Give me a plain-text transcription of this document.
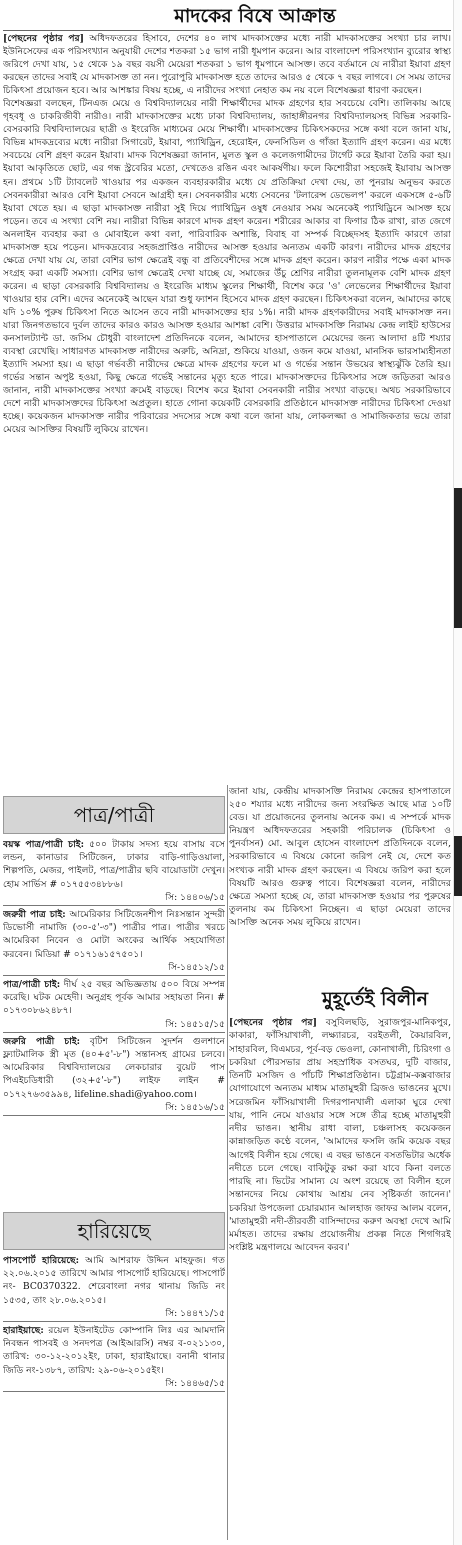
মাদকের বিষে আক্রান্ত

[পেছনের পৃষ্ঠার পর] অধিদফতরের হিসাবে, দেশের ৪০ লাখ মাদকাসক্তের মধ্যে নারী মাদকাসক্তের সংখ্যা চার লাখ। ইউনিসেফের এক পরিসংখ্যান অনুযায়ী দেশের শতকরা ১৫ ভাগ নারী ধূমপান করেন। আর বাংলাদেশ পরিসংখ্যান ব্যুরোর স্বাস্থ্য জরিপে দেখা যায়, ১৫ থেকে ১৯ বছর বয়সী মেয়েরা শতকরা ১ ভাগ ধূমপানে আসক্ত। তবে বর্তমানে যে নারীরা ইয়াবা গ্রহণ করছেন তাদের সবাই যে মাদকাসক্ত তা নন। পুরোপুরি মাদকাসক্ত হতে তাদের আরও ৫ থেকে ৭ বছর লাগবে। সে সময় তাদের চিকিৎসা প্রয়োজন হবে। আর আশঙ্কার বিষয় হচ্ছে, এ নারীদের সংখ্যা নেহাত কম নয় বলে বিশেষজ্ঞরা ধারণা করছেন।

বিশেষজ্ঞরা বলছেন, টিনএজ মেয়ে ও বিশ্ববিদ্যালয়ের নারী শিক্ষার্থীদের মাদক গ্রহণের হার সবচেয়ে বেশি। তালিকায় আছে গৃহবধূ ও চাকরিজীবী নারীও। নারী মাদকাসক্তের মধ্যে ঢাকা বিশ্ববিদ্যালয়, জাহাঙ্গীরনগর বিশ্ববিদ্যালয়সহ বিভিন্ন সরকারি-বেসরকারি বিশ্ববিদ্যালয়ের ছাত্রী ও ইংরেজি মাধ্যমের মেয়ে শিক্ষার্থী। মাদকাসক্তের চিকিৎসকদের সঙ্গে কথা বলে জানা যায়, বিভিন্ন মাদকদ্রব্যের মধ্যে নারীরা সিগারেট, ইয়াবা, প্যাথিড্রিন, হেরোইন, ফেনসিডিল ও গাঁজা ইত্যাদি গ্রহণ করেন। এর মধ্যে সবচেয়ে বেশি গ্রহণ করেন ইয়াবা। মাদক বিশেষজ্ঞরা জানান, মুলত স্কুল ও কলেজগামীদের টার্গেট করে ইয়াবা তৈরি করা হয়। ইয়াবা আকৃতিতে ছোট, এর গন্ধ স্ট্রবেরির মতো, দেখতেও রঙিন এবং আকর্ষণীয়। ফলে কিশোরীরা সহজেই ইয়াবায় আসক্ত হন। প্রথমে ১টি ট্যাবলেট খাওয়ার পর একজন ব্যবহারকারীর মধ্যে যে প্রতিক্রিয়া দেখা দেয়, তা পুনরায় অনুভব করতে সেবনকারীরা আরও বেশি ইয়াবা সেবনে আগ্রহী হন। সেবনকারীর মধ্যে সেবনের 'টলারেন্স ডেভেলপ' করলে একসঙ্গে ৫-৬টি ইয়াবা খেতে হয়। এ ছাড়া মাদকাসক্ত নারীরা সুই দিয়ে প্যাথিড্রিন ওষুধ নেওয়ার সময় অনেকেই প্যাথিড্রিনে আসক্ত হয়ে পড়েন। তবে এ সংখ্যা বেশি নয়। নারীরা বিভিন্ন কারণে মাদক গ্রহণ করেন। শরীরের আকার বা ফিগার ঠিক রাখা, রাত জেগে অনলাইন ব্যবহার করা ও মোবাইলে কথা বলা, পারিবারিক অশান্তি, বিবাহ বা সম্পর্ক বিচ্ছেদসহ ইত্যাদি কারণে তারা মাদকাসক্ত হয়ে পড়েন। মাদকদ্রব্যের সহজপ্রাপ্তিও নারীদের আসক্ত হওয়ার অন্যতম একটি কারণ। নারীদের মাদক গ্রহণের ক্ষেত্রে দেখা যায় যে, তারা বেশির ভাগ ক্ষেত্রেই বন্ধু বা প্রতিবেশীদের সঙ্গে মাদক গ্রহণ করেন। কারণ নারীর পক্ষে একা মাদক সংগ্রহ করা একটি সমস্যা। বেশির ভাগ ক্ষেত্রেই দেখা যাচ্ছে যে, সমাজের উঁচু শ্রেণির নারীরা তুলনামূলক বেশি মাদক গ্রহণ করেন। এ ছাড়া বেসরকারি বিশ্ববিদ্যালয় ও ইংরেজি মাধ্যম স্কুলের শিক্ষার্থী, বিশেষ করে 'ও' লেভেলের শিক্ষার্থীদের ইয়াবা খাওয়ার হার বেশি। এদের অনেকেই আছেন যারা শুধু ফ্যাশন হিসেবে মাদক গ্রহণ করছেন। চিকিৎসকরা বলেন, আমাদের কাছে যদি ১০% পুরুষ চিকিৎসা নিতে আসেন তবে নারী মাদকাসক্তের হার ১%। নারী মাদক গ্রহণকারীদের সবাই মাদকাসক্ত নন। যারা জিনগতভাবে দুর্বল তাদের কারও কারও আসক্ত হওয়ার আশঙ্কা বেশি। উত্তরার মাদকাসক্তি নিরাময় কেন্দ্র লাইট হাউসের কনসালট্যান্ট ডা. জসিম চৌধুরী বাংলাদেশ প্রতিদিনকে বলেন, আমাদের হাসপাতালে মেয়েদের জন্য আলাদা ৪টি শয্যার ব্যবস্থা রেখেছি। সাধারণত মাদকাসক্ত নারীদের অরুচি, অনিদ্রা, শুকিয়ে যাওয়া, ওজন কমে যাওয়া, মানসিক ভারসাম্যহীনতা ইত্যাদি সমস্যা হয়। এ ছাড়া গর্ভবতী নারীদের ক্ষেত্রে মাদক গ্রহণের ফলে মা ও গর্ভের সন্তান উভয়ের স্বাস্থ্যঝুঁকি তৈরি হয়। গর্ভের সন্তান অপুষ্ট হওয়া, কিছু ক্ষেত্রে গর্ভেই সন্তানের মৃত্যু হতে পারে। মাদকাসক্তদের চিকিৎসার সঙ্গে জড়িতরা আরও জানান, নারী মাদকাসক্তের সংখ্যা ক্রমেই বাড়ছে। বিশেষ করে ইয়াবা সেবনকারী নারীর সংখ্যা বাড়ছে। অথচ সরকারিভাবে দেশে নারী মাদকাসক্তদের চিকিৎসা অপ্রতুল। হাতে গোনা কয়েকটি বেসরকারি প্রতিষ্ঠানে মাদকাসক্ত নারীদের চিকিৎসা দেওয়া হচ্ছে। কয়েকজন মাদকাসক্ত নারীর পরিবারের সদস্যের সঙ্গে কথা বলে জানা যায়, লোকলজ্জা ও সামাজিকতার ভয়ে তারা মেয়ের আসক্তির বিষয়টি লুকিয়ে রাখেন।

জানা যায়, কেন্দ্রীয় মাদকাসক্তি নিরাময় কেন্দ্রের হাসপাতালে ২৫০ শয্যার মধ্যে নারীদের জন্য সংরক্ষিত আছে মাত্র ১০টি বেড। যা প্রয়োজনের তুলনায় অনেক কম। এ সম্পর্কে মাদক নিয়ন্ত্রণ অধিদফতরের সহকারী পরিচালক (চিকিৎসা ও পুনর্বাসন) মো. আবুল হোসেন বাংলাদেশ প্রতিদিনকে বলেন, সরকারিভাবে এ বিষয়ে কোনো জরিপ নেই যে, দেশে কত সংখ্যক নারী মাদক গ্রহণ করছেন। এ বিষয়ে জরিপ করা হলে বিষয়টি আরও গুরুত্ব পাবে। বিশেষজ্ঞরা বলেন, নারীদের ক্ষেত্রে সমস্যা হচ্ছে যে, তারা মাদকাসক্ত হওয়ার পর পুরুষের তুলনায় কম চিকিৎসা নিচ্ছেন। এ ছাড়া মেয়েরা তাদের আসক্তি অনেক সময় লুকিয়ে রাখেন।
পাত্র/পাত্রী

বয়স্ক পাত্র/পাত্রী চাই: ৫০০ টাকায় সদস্য হয়ে বাসায় বসে লন্ডন, কানাডার সিটিজেন, ঢাকার বাড়ি-গাড়িওয়ালা, শিল্পপতি, মেজর, পাইলট, পাত্র/পাত্রীর ছবি বায়োডাটা দেখুন। হোম সার্ভিস # ০১৭৫৫৩৪৮৮৬।

সি: ১৪৪০৬/১৫

জরুরী পাত্র চাই: আমেরিকার সিটিজেনশীপ নিঃসন্তান সুন্দরী ডিভোর্সী নামাজি (৩০-৫'-৩") পাত্রীর পাত্র। পাত্রীর খরচে আমেরিকা নিবেন ও মোটা অংকের আর্থিক সহযোগিতা করবেন। মিডিয়া # ০১৭১৬১৫৭৫০১।

সি-১৪৫১২/১৫

পাত্র/পাত্রী চাই: দীর্ঘ ২৫ বছর অভিজ্ঞতায় ৫০০ বিয়ে সম্পন্ন করেছি। ঘটক মেহেদী। অনুগ্রহ পূর্বক আমার সহায়তা নিন। # ০১৭৩০৮৬২৪৮৭।

সি: ১৪৫১৫/১৫

জরুরি পাত্রী চাই: বৃটিশ সিটিজেন সুদর্শন গুলশানে ফ্ল্যাটমালিক স্ত্রী মৃত (৪০+৫'-৮") সন্তানসহ গ্রামের চলবে। আমেরিকার বিশ্ববিদ্যালয়ের লেকচারার বুয়েট পাস পিএইচডিধারী (৩২+৫'-৮") লাইফ লাইন # ০১৭২৭৬৩৫৯৯৪, lifeline.shadi@yahoo.com।

সি: ১৪৫১৬/১৫

হারিয়েছে

পাসপোর্ট হারিয়েছে: আমি আশরাফ উদ্দিন মাহফুজ। গত ২২.০৬.২০১৫ তারিখে আমার পাসপোর্ট হারিয়েছে। পাসপোর্ট নং- BC0370322. শেরেবাংলা নগর থানায় জিডি নং ১৫৩৫, তাং ২৮.০৬.২০১৫।

সি: ১৪৪৭১/১৫

হারাইয়াছে: রয়েল ইউনাইটেড কোম্পানি লিঃ এর আমদানি নিবন্ধন পাসবই ও সনদপত্র (আইআরসি) নম্বর ব-০২১১৩০, তারিখ: ৩০-১২-২০১২ইং, ঢাকা, হারাইয়াছে। বনানী থানার জিডি নং-১৩৮৭, তারিখ: ২৯-০৬-২০১৫ইং।

সি: ১৪৪৬৫/১৫

মুহূর্তেই বিলীন

[পেছনের পৃষ্ঠার পর] বসুবিলছড়ি, সুরাজপুর-মানিকপুর, কাকারা, ফাঁসিয়াখালী, লক্ষ্যারচর, বরইতলী, কৈয়ারবিল, সাহারবিল, বিএমচর, পূর্ব-বড় ভেওলা, কোনাখালী, চিরিংগা ও চকরিয়া পৌরসভার প্রায় সহস্রাধিক বসতঘর, দুটি বাজার, তিনটি মসজিদ ও পাঁচটি শিক্ষাপ্রতিষ্ঠান। চট্টগ্রাম-কক্সবাজার যোগাযোগে অন্যতম মাধ্যম মাতামুহুরী ব্রিজও ভাঙনের মুখে। সরেজমিন ফাঁসিয়াখালী দিগরপানখালী এলাকা ঘুরে দেখা যায়, পানি নেমে যাওয়ার সঙ্গে সঙ্গে তীব্র হচ্ছে মাতামুহুরী নদীর ভাঙন। স্থানীয় রাধা বালা, চঞ্চলাসহ কয়েকজন কান্নাজড়িত কণ্ঠে বলেন, 'আমাদের ফসলি জমি কয়েক বছর আগেই বিলীন হয়ে গেছে। এ বছর ভাঙনে বসতভিটার অর্ধেক নদীতে চলে গেছে। বাকিটুকু রক্ষা করা যাবে কিনা বলতে পারছি না। ভিটের সামান্য যে অংশ রয়েছে তা বিলীন হলে সন্তানদের নিয়ে কোথায় আশ্রয় নেব সৃষ্টিকর্তা জানেন।' চকরিয়া উপজেলা চেয়ারম্যান আলহাজ জাফর আলম বলেন, 'মাতামুহুরী নদী-তীরবর্তী বাসিন্দাদের করুণ অবস্থা দেখে আমি মর্মাহত। তাদের রক্ষায় প্রয়োজনীয় প্রকল্প নিতে শিগগিরই সংশ্লিষ্ট মন্ত্রণালয়ে আবেদন করব।'
